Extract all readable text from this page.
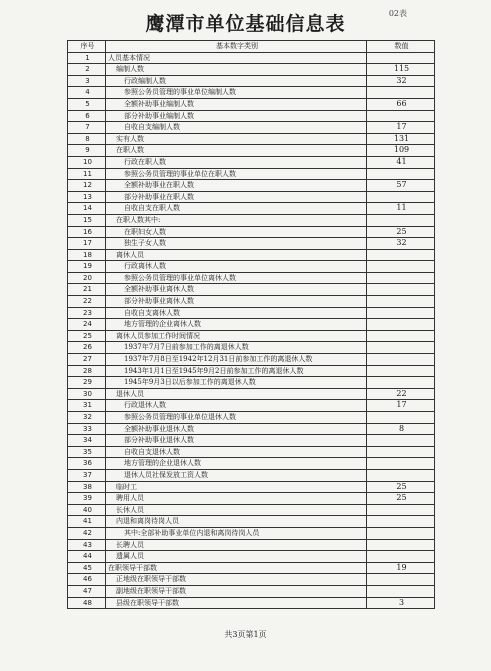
02表
鹰潭市单位基础信息表
序号	基本数字类别	数值
1	人员基本情况	
2	编制人数	115
3	行政编制人数	32
4	参照公务员管理的事业单位编制人数	
5	全额补助事业编制人数	66
6	部分补助事业编制人数	
7	自收自支编制人数	17
8	实有人数	131
9	在职人数	109
10	行政在职人数	41
11	参照公务员管理的事业单位在职人数	
12	全额补助事业在职人数	57
13	部分补助事业在职人数	
14	自收自支在职人数	11
15	在职人数其中:	
16	在职妇女人数	25
17	独生子女人数	32
18	离休人员	
19	行政离休人数	
20	参照公务员管理的事业单位离休人数	
21	全额补助事业离休人数	
22	部分补助事业离休人数	
23	自收自支离休人数	
24	地方管理的企业离休人数	
25	离休人员参加工作时间情况	
26	1937年7月7日前参加工作的离退休人数	
27	1937年7月8日至1942年12月31日前参加工作的离退休人数	
28	1943年1月1日至1945年9月2日前参加工作的离退休人数	
29	1945年9月3日以后参加工作的离退休人数	
30	退休人员	22
31	行政退休人数	17
32	参照公务员管理的事业单位退休人数	
33	全额补助事业退休人数	8
34	部分补助事业退休人数	
35	自收自支退休人数	
36	地方管理的企业退休人数	
37	退休人员社保发放工资人数	
38	临时工	25
39	聘用人员	25
40	长休人员	
41	内退和离岗待岗人员	
42	其中:全部补助事业单位内退和离岗待岗人员	
43	长聘人员	
44	遗属人员	
45	在职领导干部数	19
46	正地级在职领导干部数	
47	副地级在职领导干部数	
48	县级在职领导干部数	3
共3页第1页
